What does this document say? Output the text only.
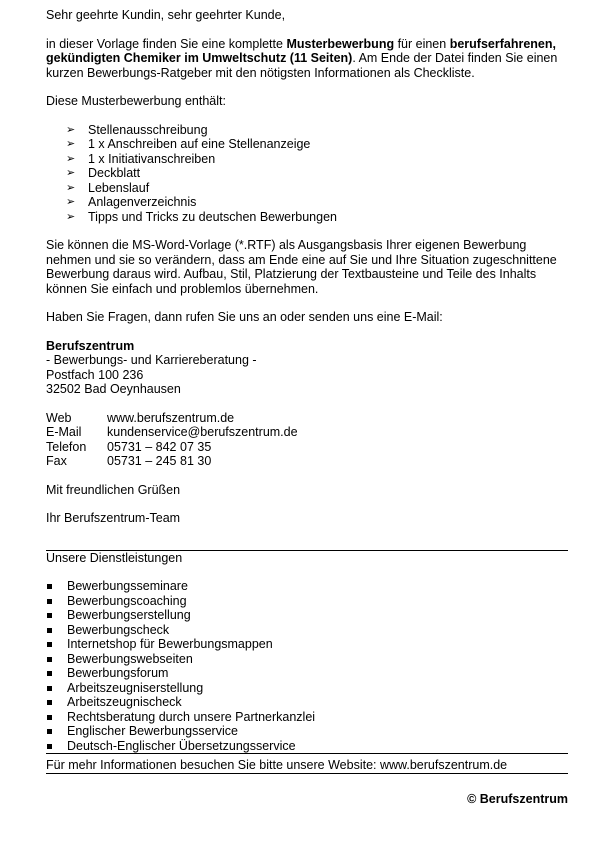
Sehr geehrte Kundin, sehr geehrter Kunde,

in dieser Vorlage finden Sie eine komplette Musterbewerbung für einen berufserfahrenen, gekündigten Chemiker im Umweltschutz (11 Seiten). Am Ende der Datei finden Sie einen kurzen Bewerbungs-Ratgeber mit den nötigsten Informationen als Checkliste.

Diese Musterbewerbung enthält:

➢ Stellenausschreibung
➢ 1 x Anschreiben auf eine Stellenanzeige
➢ 1 x Initiativanschreiben
➢ Deckblatt
➢ Lebenslauf
➢ Anlagenverzeichnis
➢ Tipps und Tricks zu deutschen Bewerbungen

Sie können die MS-Word-Vorlage (*.RTF) als Ausgangsbasis Ihrer eigenen Bewerbung nehmen und sie so verändern, dass am Ende eine auf Sie und Ihre Situation zugeschnittene Bewerbung daraus wird. Aufbau, Stil, Platzierung der Textbausteine und Teile des Inhalts können Sie einfach und problemlos übernehmen.

Haben Sie Fragen, dann rufen Sie uns an oder senden uns eine E-Mail:

Berufszentrum

- Bewerbungs- und Karriereberatung -

Postfach 100 236

32502 Bad Oeynhausen

Web	www.berufszentrum.de
E-Mail	kundenservice@berufszentrum.de
Telefon	05731 – 842 07 35
Fax	05731 – 245 81 30

Mit freundlichen Grüßen

Ihr Berufszentrum-Team

Unsere Dienstleistungen

Bewerbungsseminare
Bewerbungscoaching
Bewerbungserstellung
Bewerbungscheck
Internetshop für Bewerbungsmappen
Bewerbungswebseiten
Bewerbungsforum
Arbeitszeugniserstellung
Arbeitszeugnischeck
Rechtsberatung durch unsere Partnerkanzlei
Englischer Bewerbungsservice
Deutsch-Englischer Übersetzungsservice

Für mehr Informationen besuchen Sie bitte unsere Website: www.berufszentrum.de

© Berufszentrum
